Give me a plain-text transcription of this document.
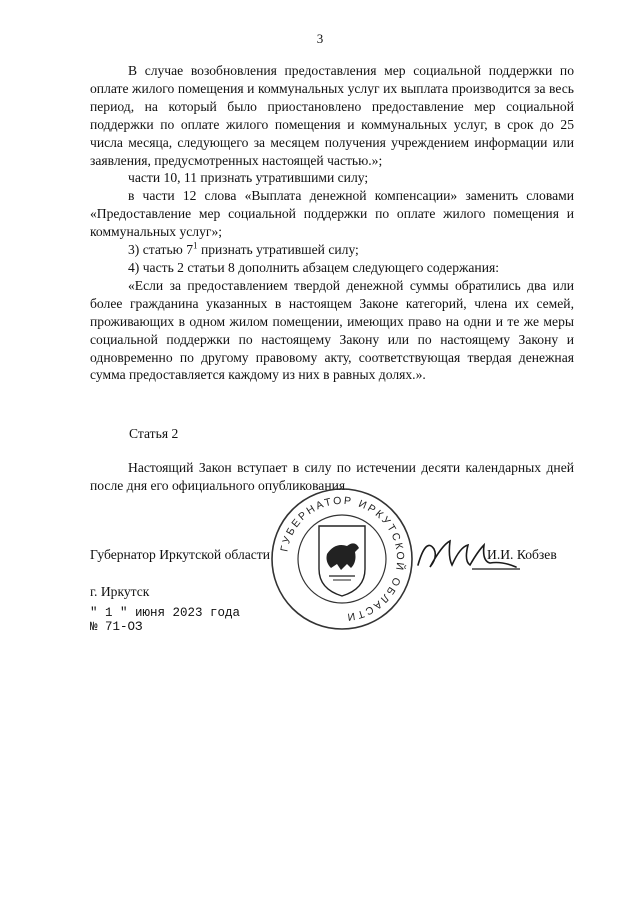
3

В случае возобновления предоставления мер социальной поддержки по оплате жилого помещения и коммунальных услуг их выплата производится за весь период, на который было приостановлено предоставление мер социальной поддержки по оплате жилого помещения и коммунальных услуг, в срок до 25 числа месяца, следующего за месяцем получения учреждением информации или заявления, предусмотренных настоящей частью.»;

части 10, 11 признать утратившими силу;

в части 12 слова «Выплата денежной компенсации» заменить словами «Предоставление мер социальной поддержки по оплате жилого помещения и коммунальных услуг»;

3) статью $7^1$ признать утратившей силу;

4) часть 2 статьи 8 дополнить абзацем следующего содержания:

«Если за предоставлением твердой денежной суммы обратились два или более гражданина указанных в настоящем Законе категорий, члена их семей, проживающих в одном жилом помещении, имеющих право на одни и те же меры социальной поддержки по настоящему Закону или по настоящему Закону и одновременно по другому правовому акту, соответствующая твердая денежная сумма предоставляется каждому из них в равных долях.».

Статья 2

Настоящий Закон вступает в силу по истечении десяти календарных дней после дня его официального опубликования.

ГУБЕРНАТОР ИРКУТСКОЙ ОБЛАСТИ
Губернатор Иркутской области	И.И. Кобзев
г. Иркутск
" 1 " июня 2023 года
№ 71-ОЗ
